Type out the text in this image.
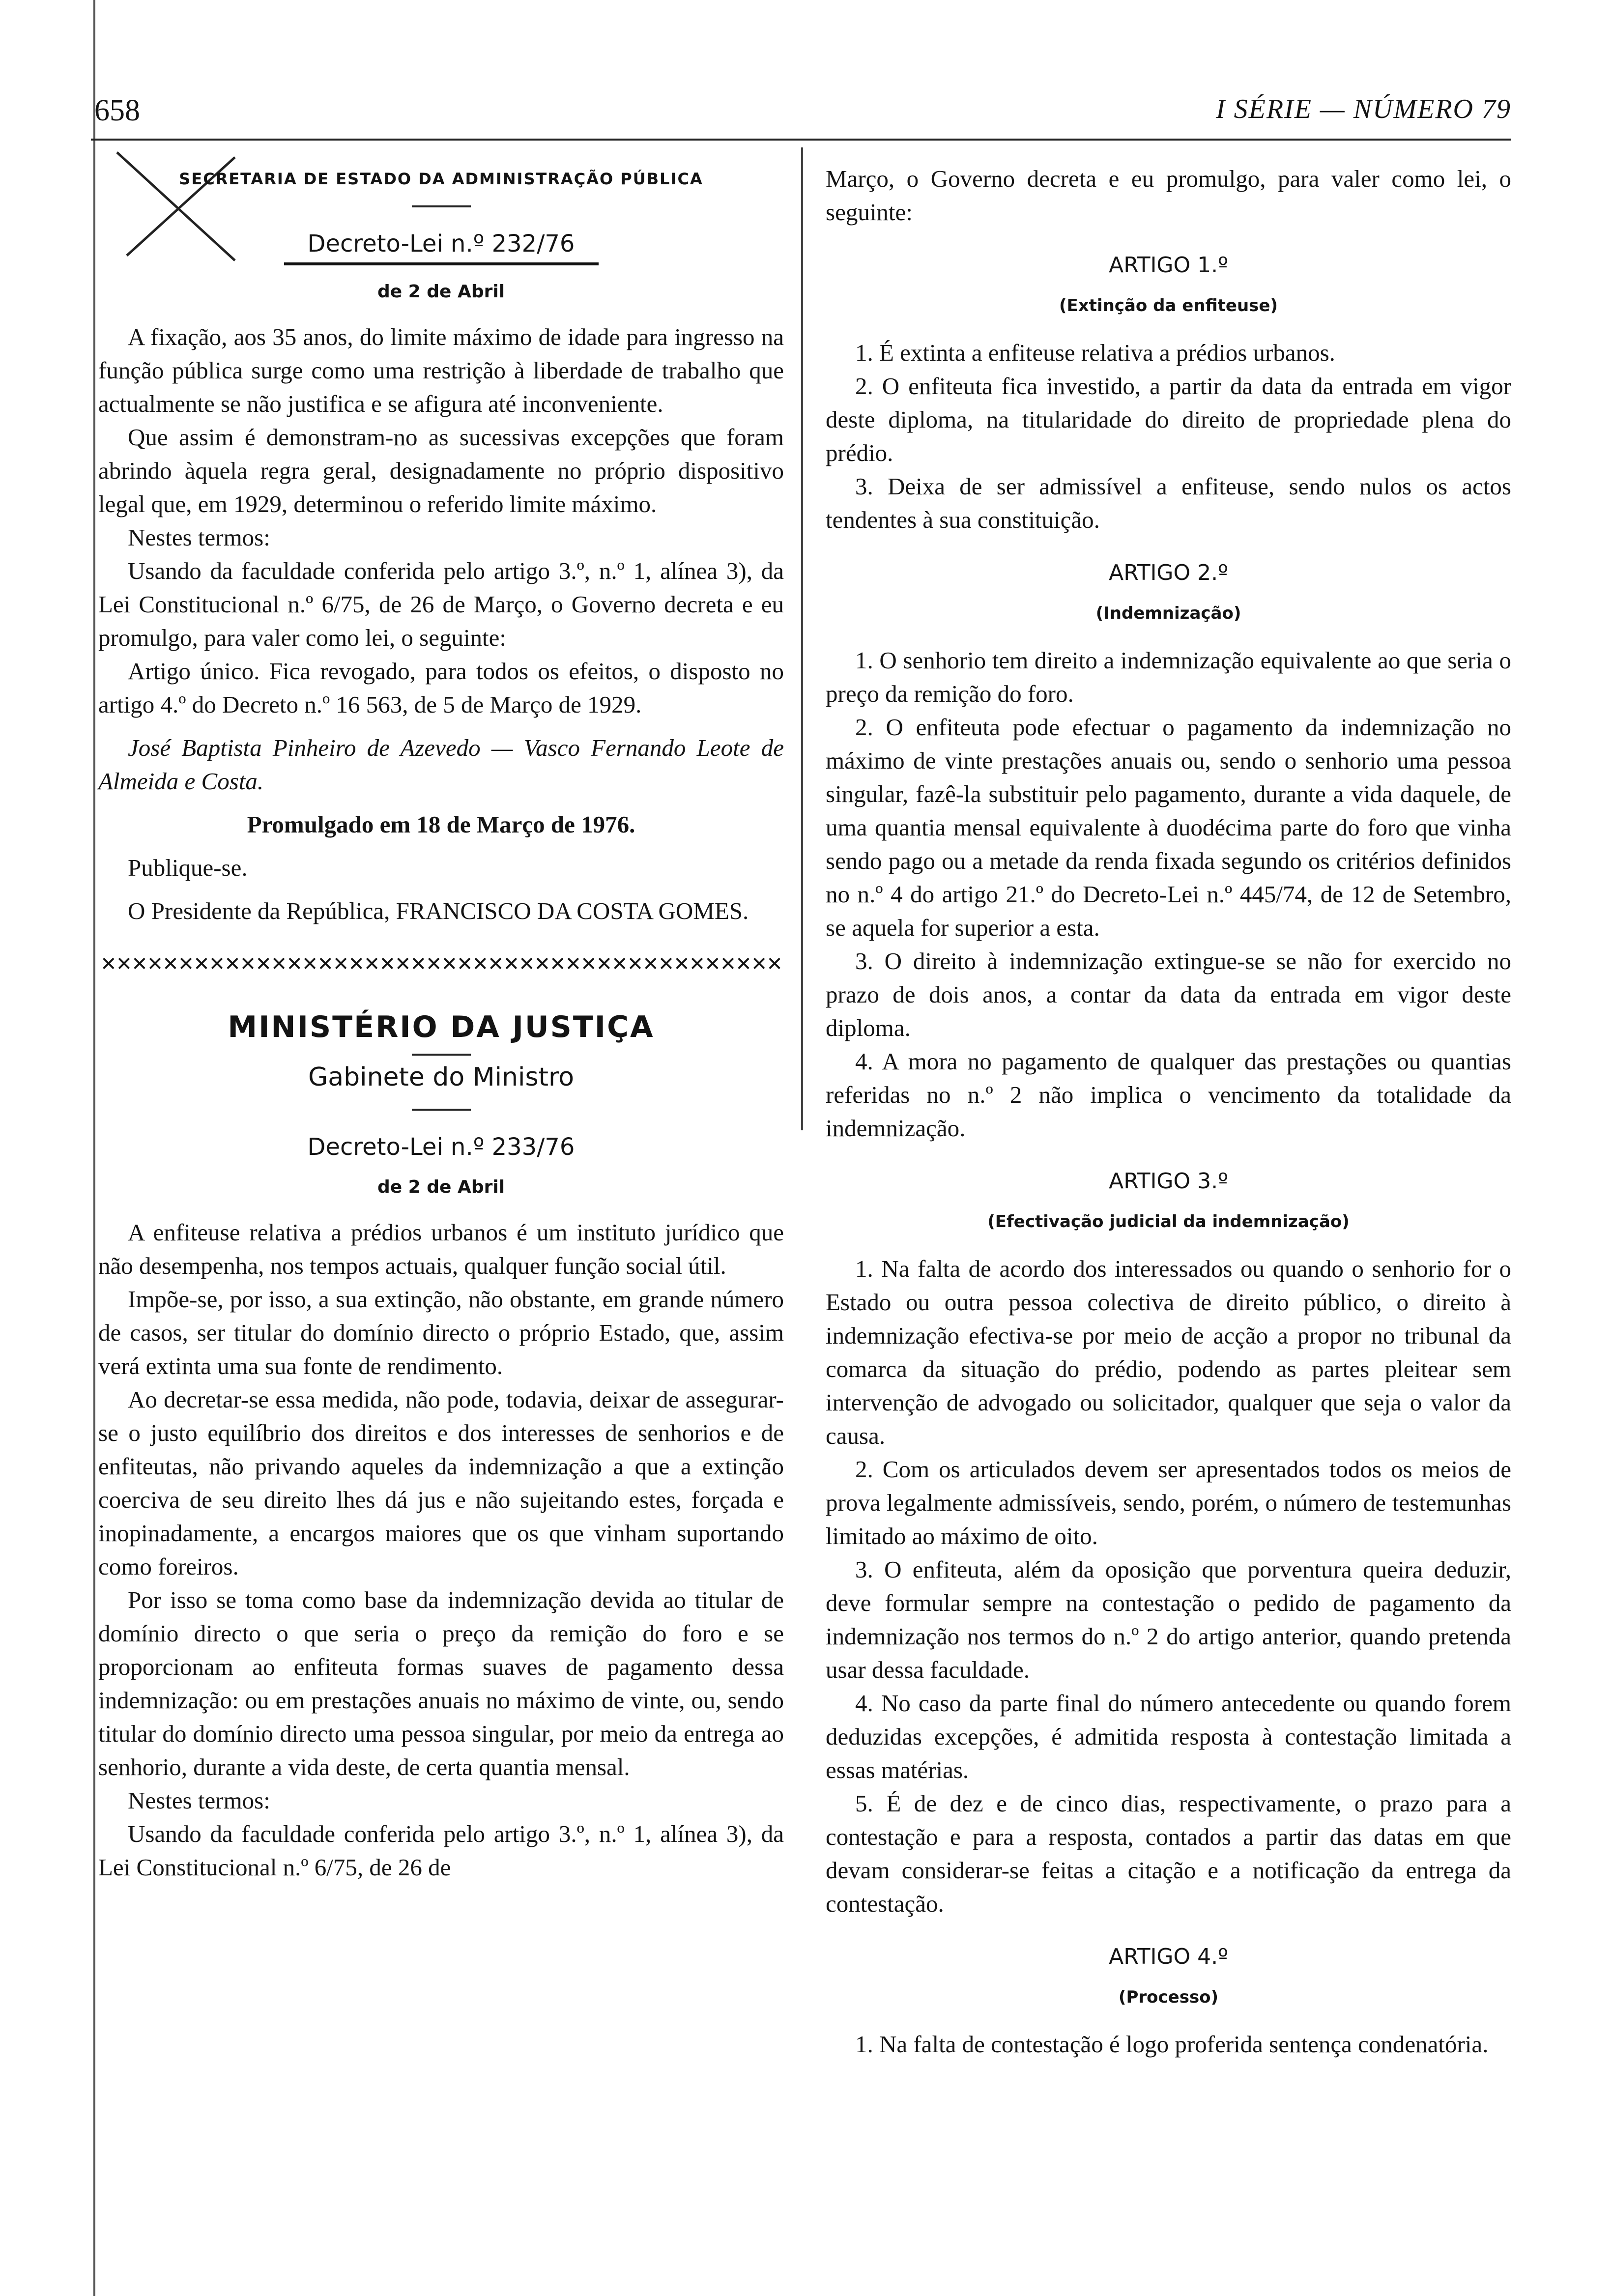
658	I SÉRIE — NÚMERO 79
SECRETARIA DE ESTADO DA ADMINISTRAÇÃO PÚBLICA
Decreto-Lei n.º 232/76
de 2 de Abril

A fixação, aos 35 anos, do limite máximo de idade para ingresso na função pública surge como uma restrição à liberdade de trabalho que actualmente se não justifica e se afigura até inconveniente.

Que assim é demonstram-no as sucessivas excepções que foram abrindo àquela regra geral, designadamente no próprio dispositivo legal que, em 1929, determinou o referido limite máximo.

Nestes termos:

Usando da faculdade conferida pelo artigo 3.º, n.º 1, alínea 3), da Lei Constitucional n.º 6/75, de 26 de Março, o Governo decreta e eu promulgo, para valer como lei, o seguinte:

Artigo único. Fica revogado, para todos os efeitos, o disposto no artigo 4.º do Decreto n.º 16 563, de 5 de Março de 1929.

José Baptista Pinheiro de Azevedo — Vasco Fernando Leote de Almeida e Costa.

Promulgado em 18 de Março de 1976.

Publique-se.

O Presidente da República, FRANCISCO DA COSTA GOMES.

✕✕✕✕✕✕✕✕✕✕✕✕✕✕✕✕✕✕✕✕✕✕✕✕✕✕✕✕✕✕✕✕✕✕✕✕✕✕✕✕✕✕✕✕
MINISTÉRIO DA JUSTIÇA
Gabinete do Ministro
Decreto-Lei n.º 233/76
de 2 de Abril

A enfiteuse relativa a prédios urbanos é um instituto jurídico que não desempenha, nos tempos actuais, qualquer função social útil.

Impõe-se, por isso, a sua extinção, não obstante, em grande número de casos, ser titular do domínio directo o próprio Estado, que, assim verá extinta uma sua fonte de rendimento.

Ao decretar-se essa medida, não pode, todavia, deixar de assegurar-se o justo equilíbrio dos direitos e dos interesses de senhorios e de enfiteutas, não privando aqueles da indemnização a que a extinção coerciva de seu direito lhes dá jus e não sujeitando estes, forçada e inopinadamente, a encargos maiores que os que vinham suportando como foreiros.

Por isso se toma como base da indemnização devida ao titular de domínio directo o que seria o preço da remição do foro e se proporcionam ao enfiteuta formas suaves de pagamento dessa indemnização: ou em prestações anuais no máximo de vinte, ou, sendo titular do domínio directo uma pessoa singular, por meio da entrega ao senhorio, durante a vida deste, de certa quantia mensal.

Nestes termos:

Usando da faculdade conferida pelo artigo 3.º, n.º 1, alínea 3), da Lei Constitucional n.º 6/75, de 26 de

Março, o Governo decreta e eu promulgo, para valer como lei, o seguinte:

ARTIGO 1.º
(Extinção da enfiteuse)

1. É extinta a enfiteuse relativa a prédios urbanos.

2. O enfiteuta fica investido, a partir da data da entrada em vigor deste diploma, na titularidade do direito de propriedade plena do prédio.

3. Deixa de ser admissível a enfiteuse, sendo nulos os actos tendentes à sua constituição.

ARTIGO 2.º
(Indemnização)

1. O senhorio tem direito a indemnização equivalente ao que seria o preço da remição do foro.

2. O enfiteuta pode efectuar o pagamento da indemnização no máximo de vinte prestações anuais ou, sendo o senhorio uma pessoa singular, fazê-la substituir pelo pagamento, durante a vida daquele, de uma quantia mensal equivalente à duodécima parte do foro que vinha sendo pago ou a metade da renda fixada segundo os critérios definidos no n.º 4 do artigo 21.º do Decreto-Lei n.º 445/74, de 12 de Setembro, se aquela for superior a esta.

3. O direito à indemnização extingue-se se não for exercido no prazo de dois anos, a contar da data da entrada em vigor deste diploma.

4. A mora no pagamento de qualquer das prestações ou quantias referidas no n.º 2 não implica o vencimento da totalidade da indemnização.

ARTIGO 3.º
(Efectivação judicial da indemnização)

1. Na falta de acordo dos interessados ou quando o senhorio for o Estado ou outra pessoa colectiva de direito público, o direito à indemnização efectiva-se por meio de acção a propor no tribunal da comarca da situação do prédio, podendo as partes pleitear sem intervenção de advogado ou solicitador, qualquer que seja o valor da causa.

2. Com os articulados devem ser apresentados todos os meios de prova legalmente admissíveis, sendo, porém, o número de testemunhas limitado ao máximo de oito.

3. O enfiteuta, além da oposição que porventura queira deduzir, deve formular sempre na contestação o pedido de pagamento da indemnização nos termos do n.º 2 do artigo anterior, quando pretenda usar dessa faculdade.

4. No caso da parte final do número antecedente ou quando forem deduzidas excepções, é admitida resposta à contestação limitada a essas matérias.

5. É de dez e de cinco dias, respectivamente, o prazo para a contestação e para a resposta, contados a partir das datas em que devam considerar-se feitas a citação e a notificação da entrega da contestação.

ARTIGO 4.º
(Processo)

1. Na falta de contestação é logo proferida sentença condenatória.
